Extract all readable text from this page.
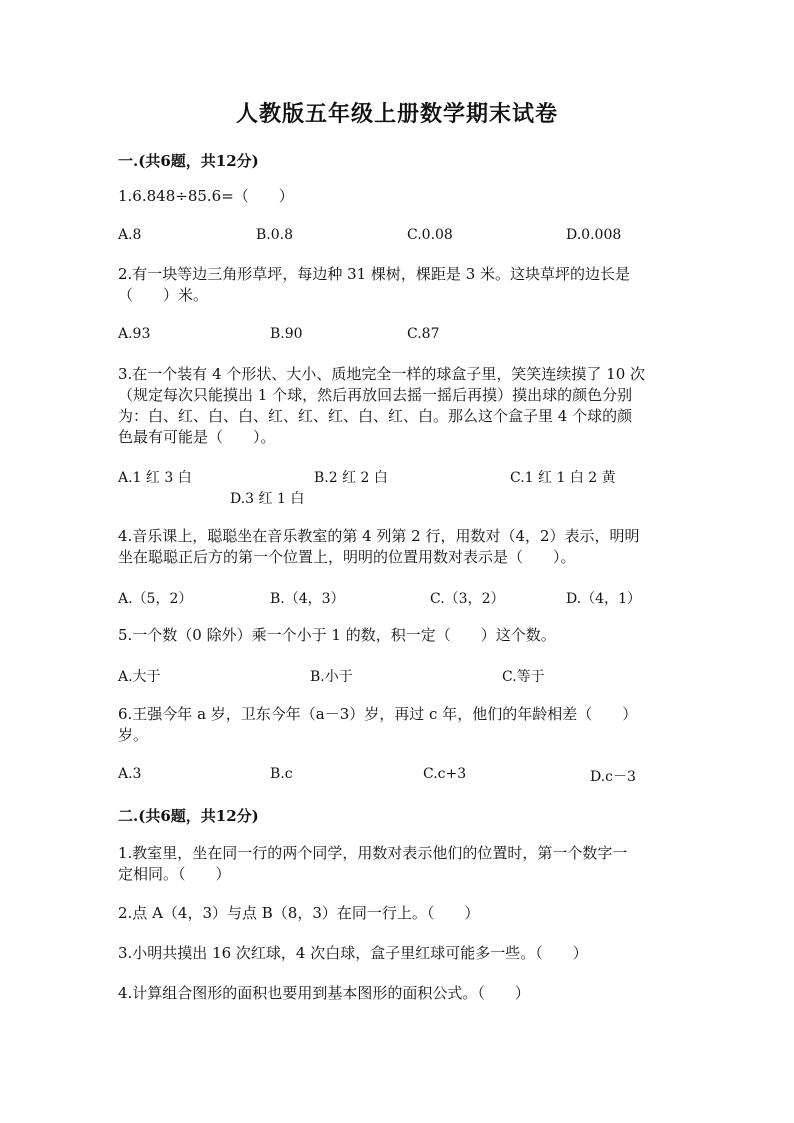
人教版五年级上册数学期末试卷
一.(共6题，共12分)
1.6.848÷85.6=（　　）
A.8	B.0.8	C.0.08	D.0.008
2.有一块等边三角形草坪，每边种 31 棵树，棵距是 3 米。这块草坪的边长是
（　　）米。
A.93	B.90	C.87
3.在一个装有 4 个形状、大小、质地完全一样的球盒子里，笑笑连续摸了 10 次
（规定每次只能摸出 1 个球，然后再放回去摇一摇后再摸）摸出球的颜色分别
为：白、红、白、白、红、红、红、白、红、白。那么这个盒子里 4 个球的颜
色最有可能是（　　）。
A.1 红 3 白	B.2 红 2 白	C.1 红 1 白 2 黄
D.3 红 1 白
4.音乐课上，聪聪坐在音乐教室的第 4 列第 2 行，用数对（4，2）表示，明明
坐在聪聪正后方的第一个位置上，明明的位置用数对表示是（　　）。
A.（5，2）	B.（4，3）	C.（3，2）	D.（4，1）
5.一个数（0 除外）乘一个小于 1 的数，积一定（　　）这个数。
A.大于	B.小于	C.等于
6.王强今年 a 岁，卫东今年（a－3）岁，再过 c 年，他们的年龄相差（　　）
岁。
A.3	B.c	C.c+3	D.c－3
二.(共6题，共12分)
1.教室里，坐在同一行的两个同学，用数对表示他们的位置时，第一个数字一
定相同。（　　）
2.点 A（4，3）与点 B（8，3）在同一行上。（　　）
3.小明共摸出 16 次红球，4 次白球，盒子里红球可能多一些。（　　）
4.计算组合图形的面积也要用到基本图形的面积公式。（　　）
